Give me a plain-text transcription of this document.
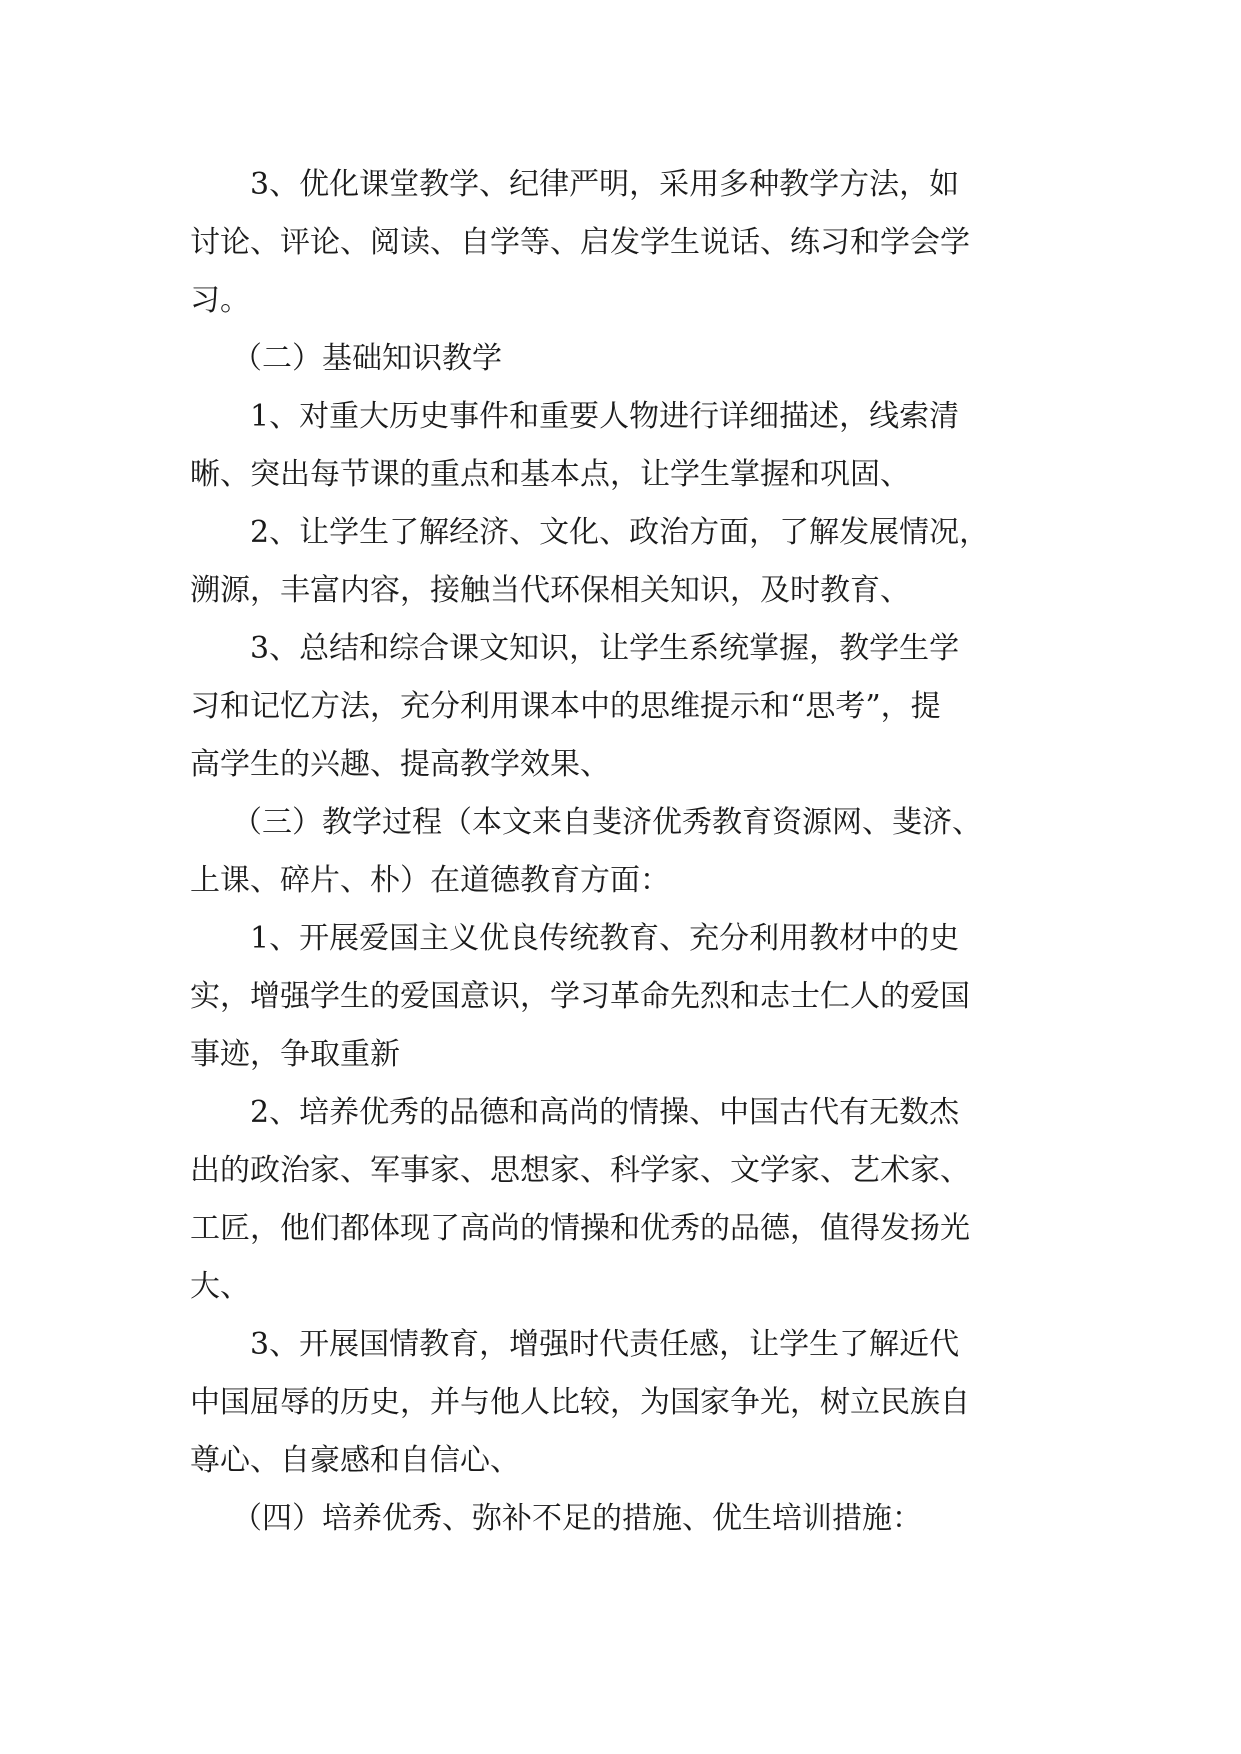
3、优化课堂教学、纪律严明，采用多种教学方法，如
讨论、评论、阅读、自学等、启发学生说话、练习和学会学
习。
（二）基础知识教学
1、对重大历史事件和重要人物进行详细描述，线索清
晰、突出每节课的重点和基本点，让学生掌握和巩固、
2、让学生了解经济、文化、政治方面，了解发展情况，
溯源，丰富内容，接触当代环保相关知识，及时教育、
3、总结和综合课文知识，让学生系统掌握，教学生学
习和记忆方法，充分利用课本中的思维提示和“思考”，提
高学生的兴趣、提高教学效果、
（三）教学过程（本文来自斐济优秀教育资源网、斐济、
上课、碎片、朴）在道德教育方面：
1、开展爱国主义优良传统教育、充分利用教材中的史
实，增强学生的爱国意识，学习革命先烈和志士仁人的爱国
事迹，争取重新
2、培养优秀的品德和高尚的情操、中国古代有无数杰
出的政治家、军事家、思想家、科学家、文学家、艺术家、
工匠，他们都体现了高尚的情操和优秀的品德，值得发扬光
大、
3、开展国情教育，增强时代责任感，让学生了解近代
中国屈辱的历史，并与他人比较，为国家争光，树立民族自
尊心、自豪感和自信心、
（四）培养优秀、弥补不足的措施、优生培训措施：
